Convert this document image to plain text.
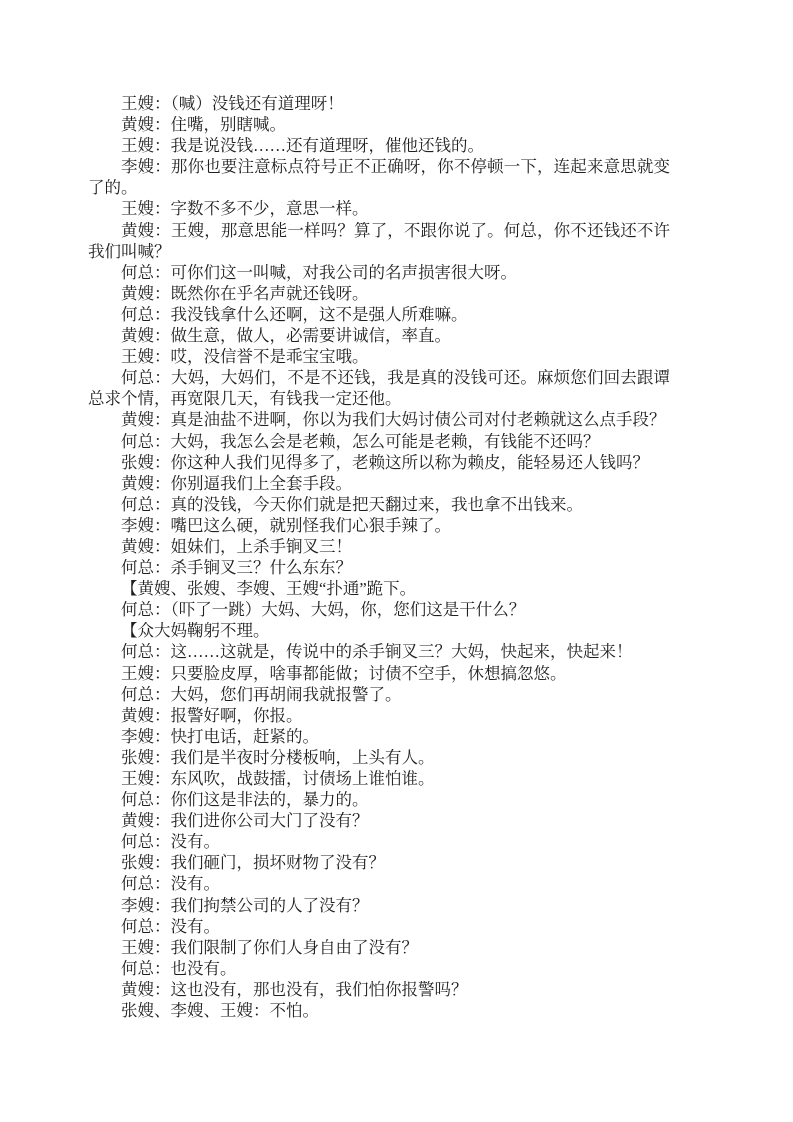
王嫂：（喊）没钱还有道理呀！

黄嫂：住嘴，别瞎喊。

王嫂：我是说没钱……还有道理呀，催他还钱的。

李嫂：那你也要注意标点符号正不正确呀，你不停顿一下，连起来意思就变了的。

王嫂：字数不多不少，意思一样。

黄嫂：王嫂，那意思能一样吗？算了，不跟你说了。何总，你不还钱还不许我们叫喊？

何总：可你们这一叫喊，对我公司的名声损害很大呀。

黄嫂：既然你在乎名声就还钱呀。

何总：我没钱拿什么还啊，这不是强人所难嘛。

黄嫂：做生意，做人，必需要讲诚信，率直。

王嫂：哎，没信誉不是乖宝宝哦。

何总：大妈，大妈们，不是不还钱，我是真的没钱可还。麻烦您们回去跟谭总求个情，再宽限几天，有钱我一定还他。

黄嫂：真是油盐不进啊，你以为我们大妈讨债公司对付老赖就这么点手段？

何总：大妈，我怎么会是老赖，怎么可能是老赖，有钱能不还吗？

张嫂：你这种人我们见得多了，老赖这所以称为赖皮，能轻易还人钱吗？

黄嫂：你别逼我们上全套手段。

何总：真的没钱，今天你们就是把天翻过来，我也拿不出钱来。

李嫂：嘴巴这么硬，就别怪我们心狠手辣了。

黄嫂：姐妹们，上杀手锏叉三！

何总：杀手锏叉三？什么东东？

【黄嫂、张嫂、李嫂、王嫂“扑通”跪下。

何总：（吓了一跳）大妈、大妈，你，您们这是干什么？

【众大妈鞠躬不理。

何总：这……这就是，传说中的杀手锏叉三？大妈，快起来，快起来！

王嫂：只要脸皮厚，啥事都能做；讨债不空手，休想搞忽悠。

何总：大妈，您们再胡闹我就报警了。

黄嫂：报警好啊，你报。

李嫂：快打电话，赶紧的。

张嫂：我们是半夜时分楼板响，上头有人。

王嫂：东风吹，战鼓擂，讨债场上谁怕谁。

何总：你们这是非法的，暴力的。

黄嫂：我们进你公司大门了没有？

何总：没有。

张嫂：我们砸门，损坏财物了没有？

何总：没有。

李嫂：我们拘禁公司的人了没有？

何总：没有。

王嫂：我们限制了你们人身自由了没有？

何总：也没有。

黄嫂：这也没有，那也没有，我们怕你报警吗？

张嫂、李嫂、王嫂：不怕。
